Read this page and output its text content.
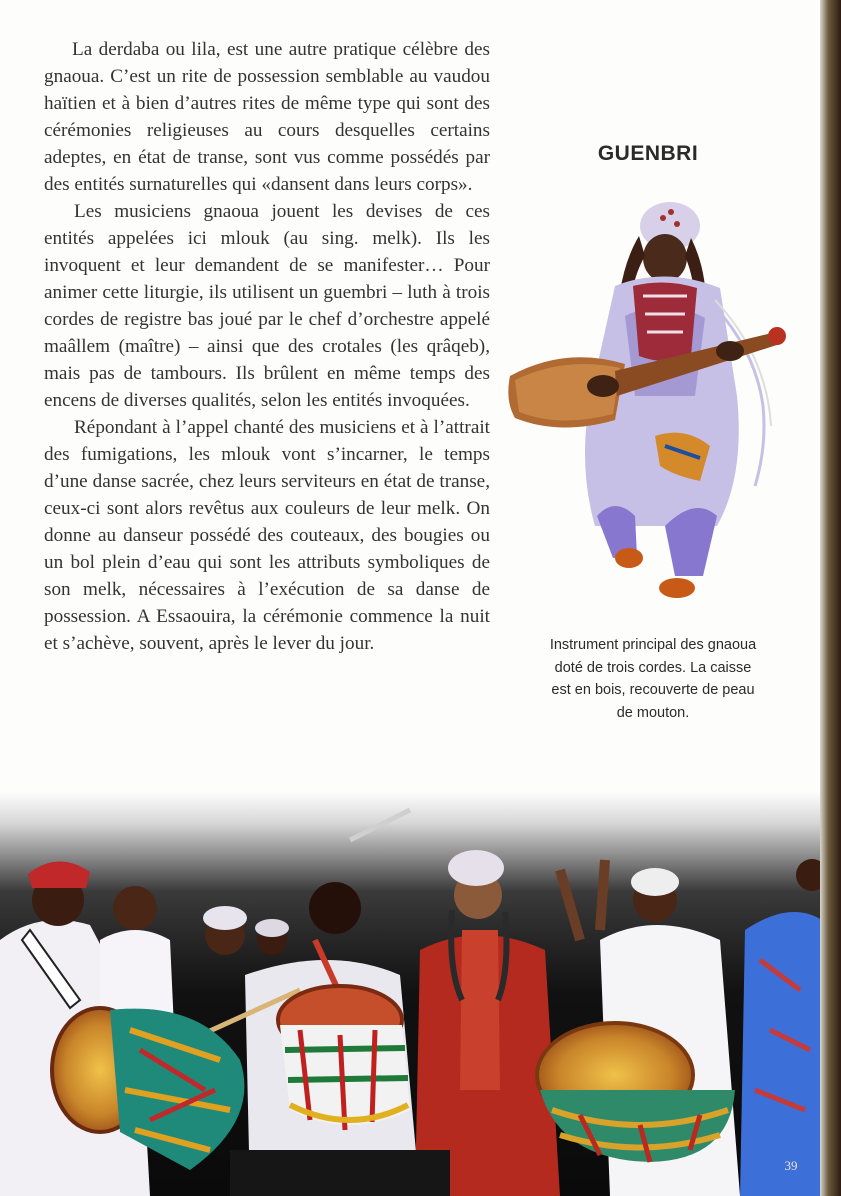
La derdaba ou lila, est une autre pratique célèbre des gnaoua. C’est un rite de possession semblable au vaudou haïtien et à bien d’autres rites de même type qui sont des cérémonies religieuses au cours desquelles certains adeptes, en état de transe, sont vus comme possédés par des entités surnaturelles qui «dansent dans leurs corps».

Les musiciens gnaoua jouent les devises de ces entités appelées ici mlouk (au sing. melk). Ils les invoquent et leur demandent de se manifester… Pour animer cette liturgie, ils utilisent un guembri – luth à trois cordes de registre bas joué par le chef d’orchestre appelé maâllem (maître) – ainsi que des crotales (les qrâqeb), mais pas de tambours. Ils brûlent en même temps des encens de diverses qualités, selon les entités invoquées.

Répondant à l’appel chanté des musiciens et à l’attrait des fumigations, les mlouk vont s’incarner, le temps d’une danse sacrée, chez leurs serviteurs en état de transe, ceux-ci sont alors revêtus aux couleurs de leur melk. On donne au danseur possédé des couteaux, des bougies ou un bol plein d’eau qui sont les attributs symboliques de son melk, nécessaires à l’exécution de sa danse de possession. A Essaouira, la cérémonie commence la nuit et s’achève, souvent, après le lever du jour.

GUENBRI
Instrument principal des gnaoua doté de trois cordes. La caisse est en bois, recouverte de peau de mouton.
39
